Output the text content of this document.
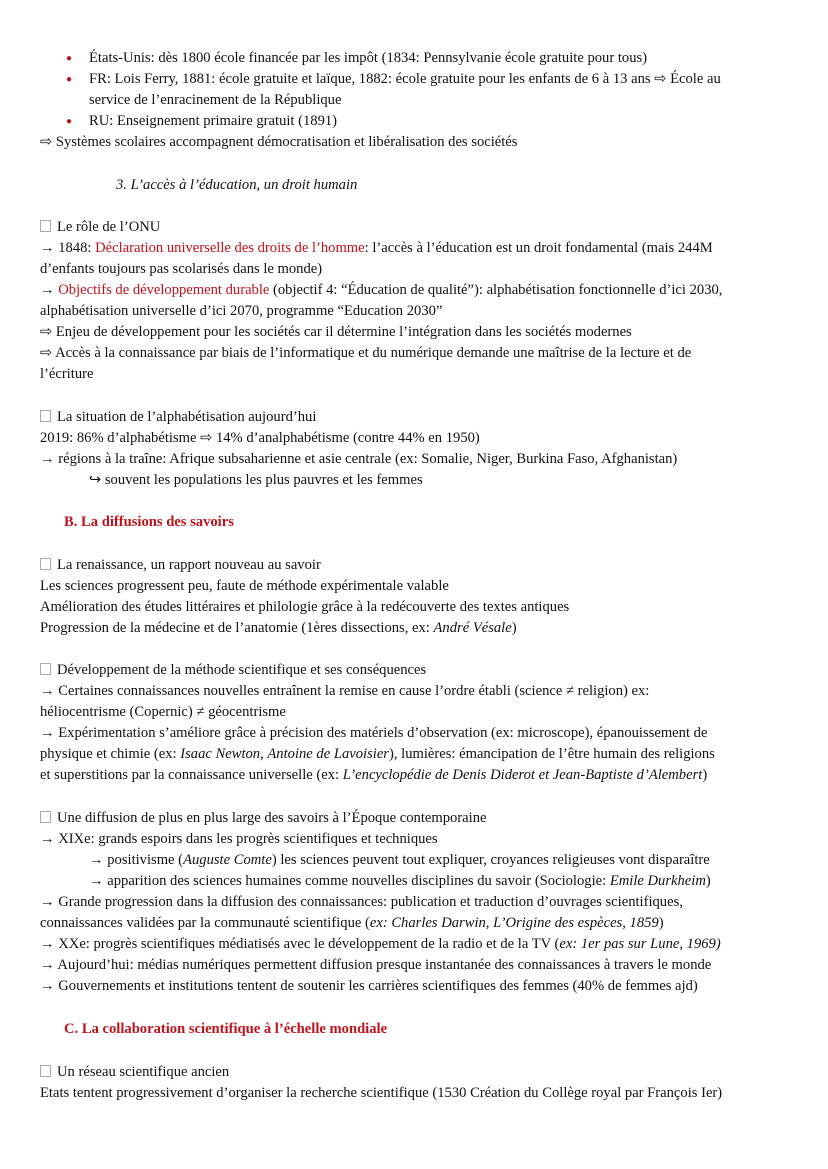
● États-Unis: dès 1800 école financée par les impôt (1834: Pennsylvanie école gratuite pour tous)
● FR: Lois Ferry, 1881: école gratuite et laïque, 1882: école gratuite pour les enfants de 6 à 13 ans ⇨ École au
service de l’enracinement de la République
● RU: Enseignement primaire gratuit (1891)
⇨ Systèmes scolaires accompagnent démocratisation et libéralisation des sociétés
3. L’accès à l’éducation, un droit humain
Le rôle de l’ONU
→ 1848: Déclaration universelle des droits de l’homme: l’accès à l’éducation est un droit fondamental (mais 244M
d’enfants toujours pas scolarisés dans le monde)
→ Objectifs de développement durable (objectif 4: “Éducation de qualité”): alphabétisation fonctionnelle d’ici 2030,
alphabétisation universelle d’ici 2070, programme “Education 2030”
⇨ Enjeu de développement pour les sociétés car il détermine l’intégration dans les sociétés modernes
⇨ Accès à la connaissance par biais de l’informatique et du numérique demande une maîtrise de la lecture et de
l’écriture
La situation de l’alphabétisation aujourd’hui
2019: 86% d’alphabétisme ⇨ 14% d’analphabétisme (contre 44% en 1950)
→ régions à la traîne: Afrique subsaharienne et asie centrale (ex: Somalie, Niger, Burkina Faso, Afghanistan)
↪ souvent les populations les plus pauvres et les femmes
B. La diffusions des savoirs
La renaissance, un rapport nouveau au savoir
Les sciences progressent peu, faute de méthode expérimentale valable
Amélioration des études littéraires et philologie grâce à la redécouverte des textes antiques
Progression de la médecine et de l’anatomie (1ères dissections, ex: André Vésale)
Développement de la méthode scientifique et ses conséquences
→ Certaines connaissances nouvelles entraînent la remise en cause l’ordre établi (science ≠ religion) ex:
héliocentrisme (Copernic) ≠ géocentrisme
→ Expérimentation s’améliore grâce à précision des matériels d’observation (ex: microscope), épanouissement de
physique et chimie (ex: Isaac Newton, Antoine de Lavoisier), lumières: émancipation de l’être humain des religions
et superstitions par la connaissance universelle (ex: L’encyclopédie de Denis Diderot et Jean-Baptiste d’Alembert)
Une diffusion de plus en plus large des savoirs à l’Époque contemporaine
→ XIXe: grands espoirs dans les progrès scientifiques et techniques
→ positivisme (Auguste Comte) les sciences peuvent tout expliquer, croyances religieuses vont disparaître
→ apparition des sciences humaines comme nouvelles disciplines du savoir (Sociologie: Emile Durkheim)
→ Grande progression dans la diffusion des connaissances: publication et traduction d’ouvrages scientifiques,
connaissances validées par la communauté scientifique (ex: Charles Darwin, L’Origine des espèces, 1859)
→ XXe: progrès scientifiques médiatisés avec le développement de la radio et de la TV (ex: 1er pas sur Lune, 1969)
→ Aujourd’hui: médias numériques permettent diffusion presque instantanée des connaissances à travers le monde
→ Gouvernements et institutions tentent de soutenir les carrières scientifiques des femmes (40% de femmes ajd)
C. La collaboration scientifique à l’échelle mondiale
Un réseau scientifique ancien
Etats tentent progressivement d’organiser la recherche scientifique (1530 Création du Collège royal par François Ier)
